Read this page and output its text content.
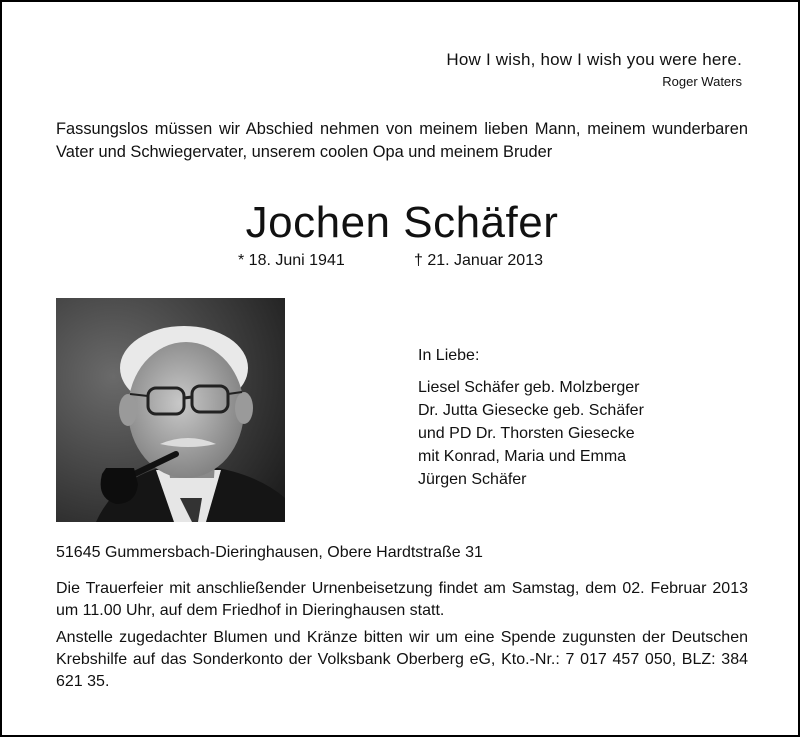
How I wish, how I wish you were here.
Roger Waters
Fassungslos müssen wir Abschied nehmen von meinem lieben Mann, meinem wunderbaren Vater und Schwiegervater, unserem coolen Opa und meinem Bruder
Jochen Schäfer
* 18. Juni 1941	† 21. Januar 2013
In Liebe:
Liesel Schäfer geb. Molzberger
Dr. Jutta Giesecke geb. Schäfer
und PD Dr. Thorsten Giesecke
mit Konrad, Maria und Emma
Jürgen Schäfer
51645 Gummersbach-Dieringhausen, Obere Hardtstraße 31
Die Trauerfeier mit anschließender Urnenbeisetzung findet am Samstag, dem 02. Februar 2013 um 11.00 Uhr, auf dem Friedhof in Dieringhausen statt.
Anstelle zugedachter Blumen und Kränze bitten wir um eine Spende zugunsten der Deutschen Krebshilfe auf das Sonderkonto der Volksbank Oberberg eG, Kto.-Nr.: 7 017 457 050, BLZ: 384 621 35.
